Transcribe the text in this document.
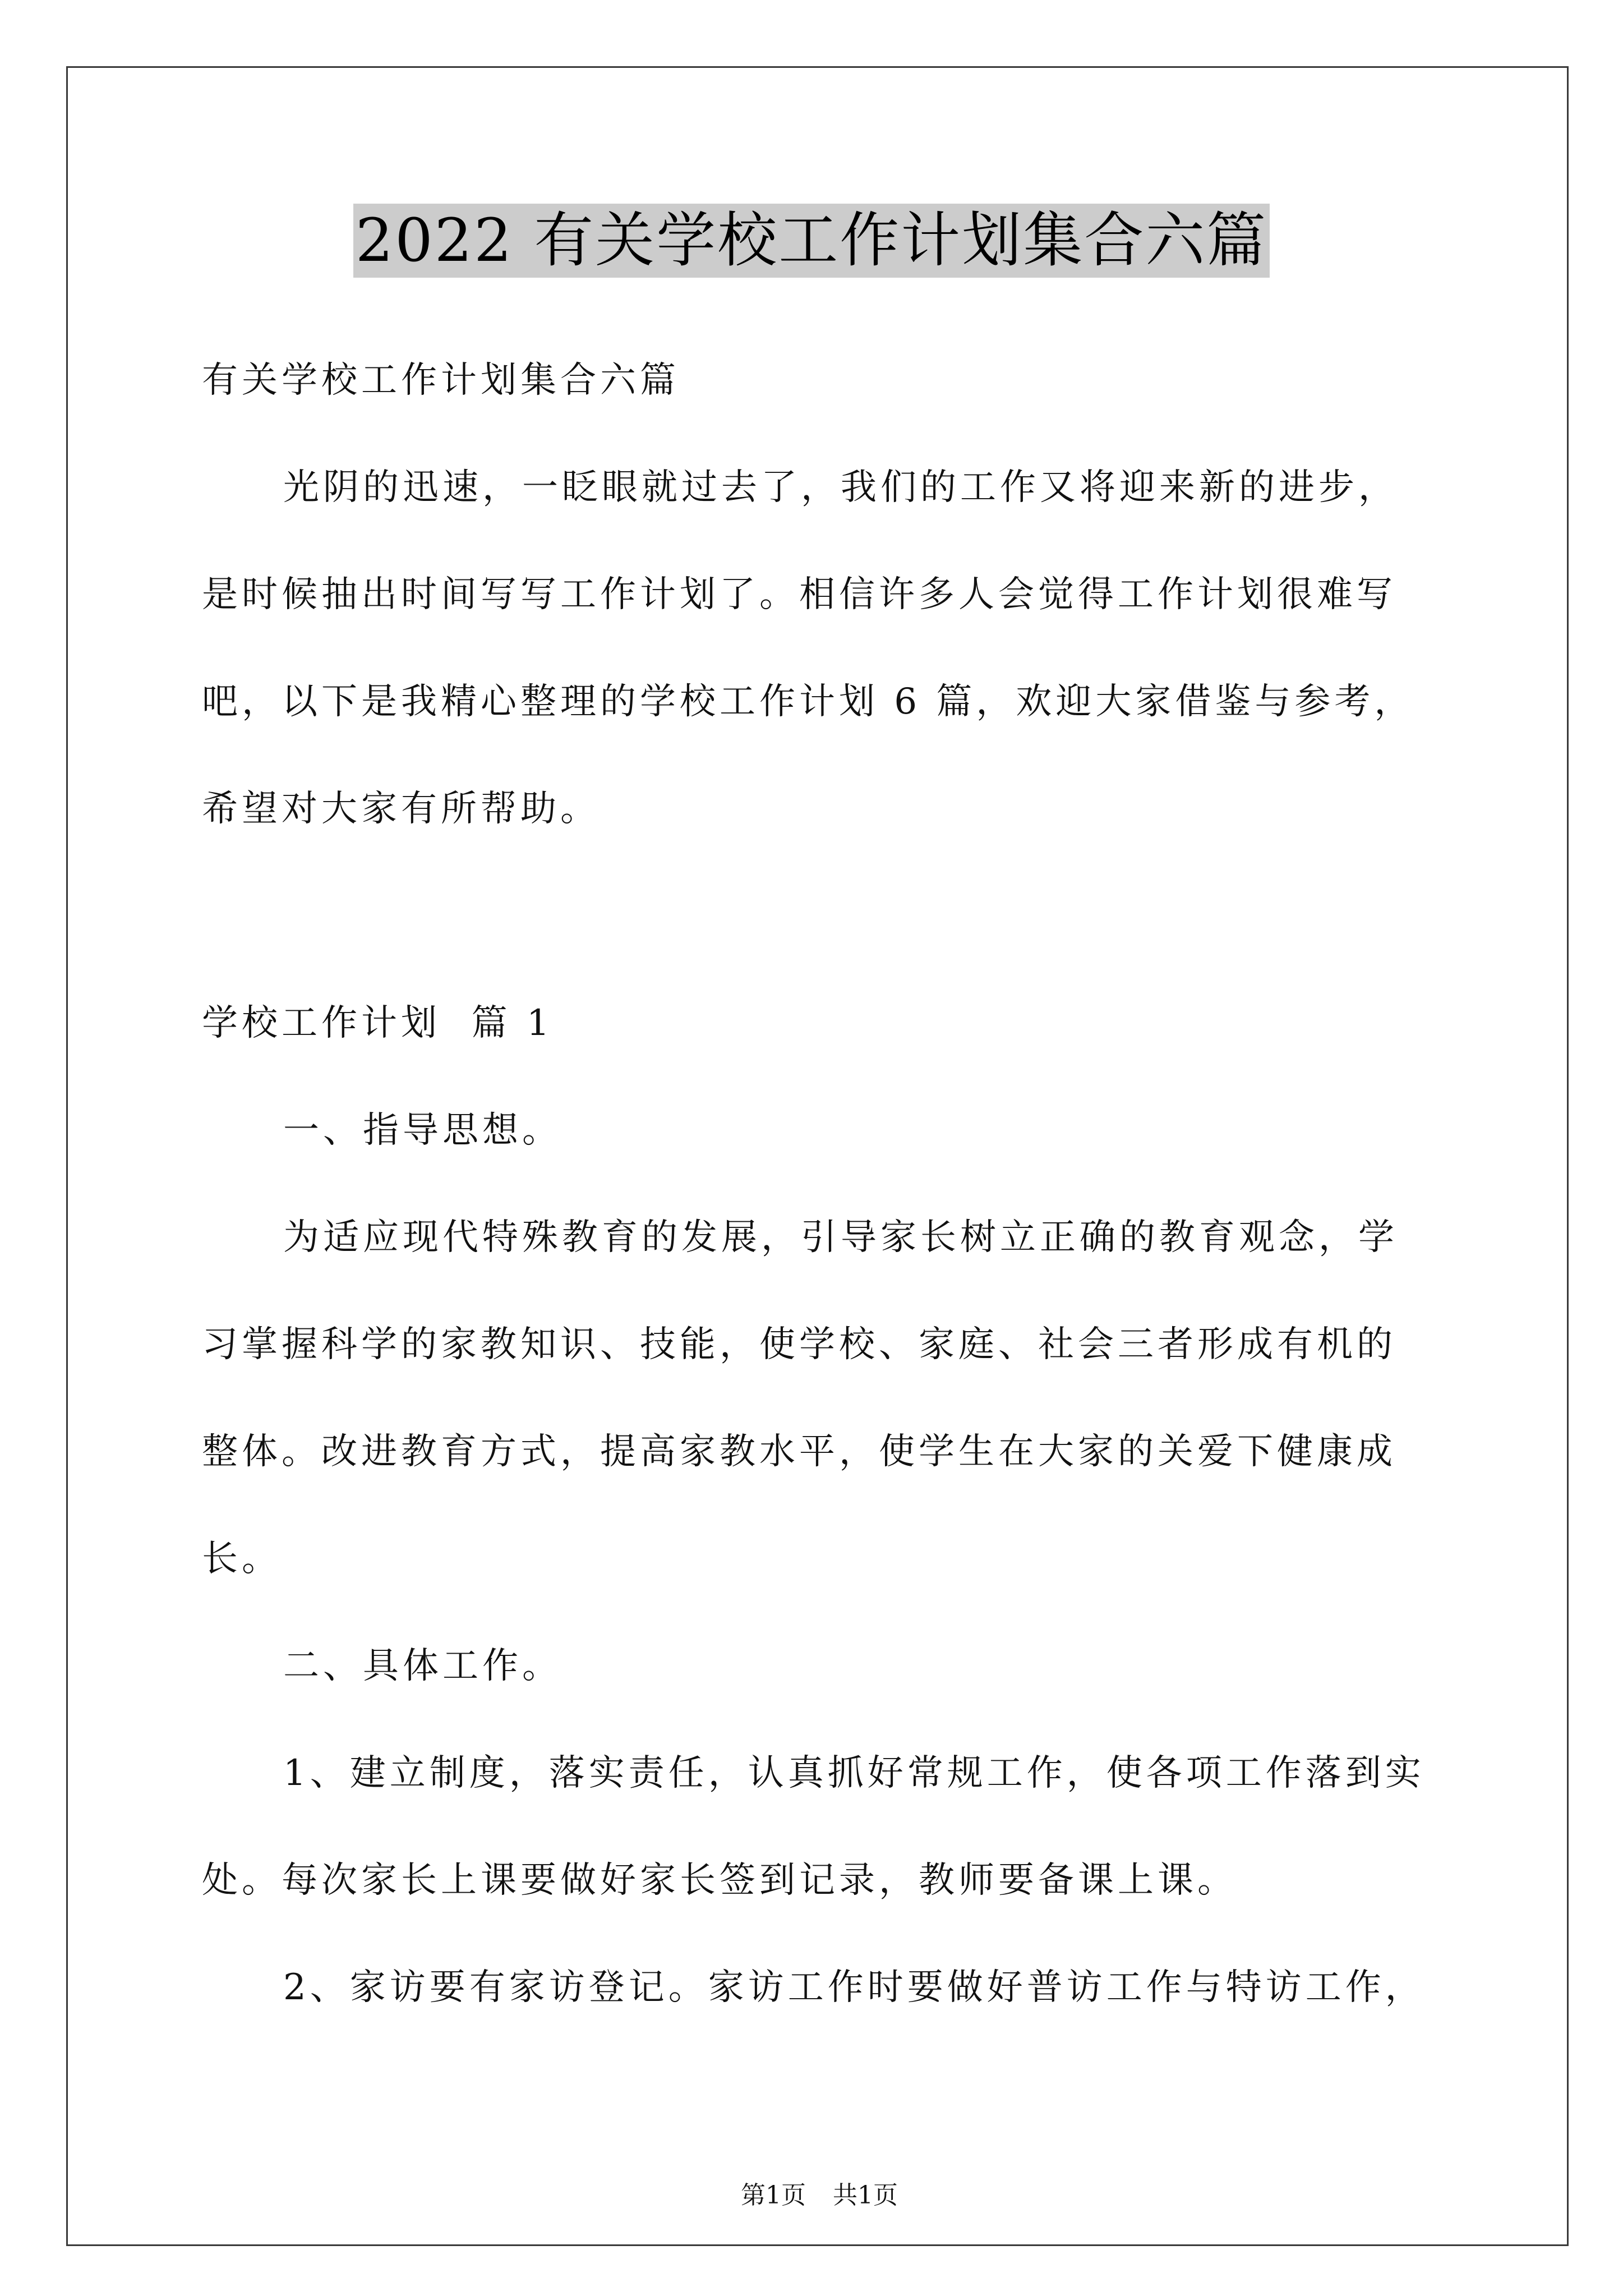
2022 有关学校工作计划集合六篇
有关学校工作计划集合六篇
光阴的迅速，一眨眼就过去了，我们的工作又将迎来新的进步，
是时候抽出时间写写工作计划了。相信许多人会觉得工作计划很难写
吧，以下是我精心整理的学校工作计划 6 篇，欢迎大家借鉴与参考，
希望对大家有所帮助。
学校工作计划  篇 1
一、指导思想。
为适应现代特殊教育的发展，引导家长树立正确的教育观念，学
习掌握科学的家教知识、技能，使学校、家庭、社会三者形成有机的
整体。改进教育方式，提高家教水平，使学生在大家的关爱下健康成
长。
二、具体工作。
1、建立制度，落实责任，认真抓好常规工作，使各项工作落到实
处。每次家长上课要做好家长签到记录，教师要备课上课。
2、家访要有家访登记。家访工作时要做好普访工作与特访工作，

第1页 共1页
